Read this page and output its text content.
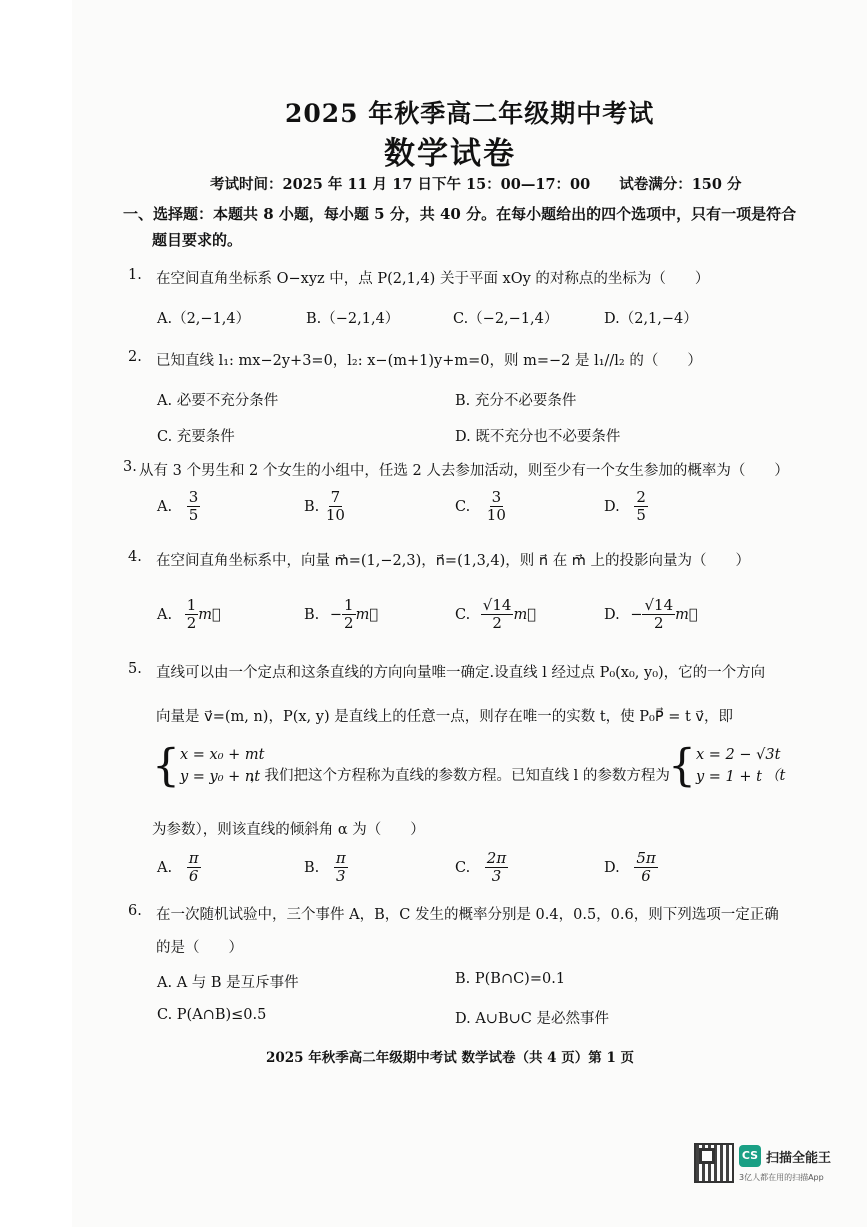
2025 年秋季高二年级期中考试
数学试卷
考试时间：2025 年 11 月 17 日下午 15：00—17：00　　试卷满分：150 分
一、选择题：本题共 8 小题，每小题 5 分，共 40 分。在每小题给出的四个选项中，只有一项是符合
题目要求的。
1. 在空间直角坐标系 O−xyz 中，点 P(2,1,4) 关于平面 xOy 的对称点的坐标为（　　）
A.（2,−1,4）	B.（−2,1,4）	C.（−2,−1,4）	D.（2,1,−4）
2. 已知直线 l₁: mx−2y+3=0，l₂: x−(m+1)y+m=0，则 m=−2 是 l₁//l₂ 的（　　）
A. 必要不充分条件	B. 充分不必要条件
C. 充要条件	D. 既不充分也不必要条件
3. 从有 3 个男生和 2 个女生的小组中，任选 2 人去参加活动，则至少有一个女生参加的概率为（　　）
A. $\frac{3}{5}$	B. $\frac{7}{10}$	C. $\frac{3}{10}$	D. $\frac{2}{5}$
4. 在空间直角坐标系中，向量 m⃗=(1,−2,3)，n⃗=(1,3,4)，则 n⃗ 在 m⃗ 上的投影向量为（　　）
A. $\frac{1}{2}$ m⃗	B. − $\frac{1}{2}$ m⃗	C. $\frac{√14}{2}$ m⃗	D. − $\frac{√14}{2}$ m⃗
5. 直线可以由一个定点和这条直线的方向向量唯一确定.设直线 l 经过点 P₀(x₀, y₀)，它的一个方向
向量是 v⃗=(m, n)，P(x, y) 是直线上的任意一点，则存在唯一的实数 t，使 P₀P⃗ = t v⃗，即
{ x = x₀ + mt
y = y₀ + nt
，我们把这个方程称为直线的参数方程。已知直线 l 的参数方程为
{ x = 2 − √3t
y = 1 + t （t
为参数），则该直线的倾斜角 α 为（　　）
A. $\frac{\pi}{6}$	B. $\frac{\pi}{3}$	C. $\frac{2\pi}{3}$	D. $\frac{5\pi}{6}$
6. 在一次随机试验中，三个事件 A，B，C 发生的概率分别是 0.4，0.5，0.6，则下列选项一定正确
的是（　　）
A. A 与 B 是互斥事件	B. P(B∩C)=0.1
C. P(A∩B)≤0.5	D. A∪B∪C 是必然事件
2025 年秋季高二年级期中考试 数学试卷（共 4 页）第 1 页
CS 扫描全能王
3亿人都在用的扫描App
